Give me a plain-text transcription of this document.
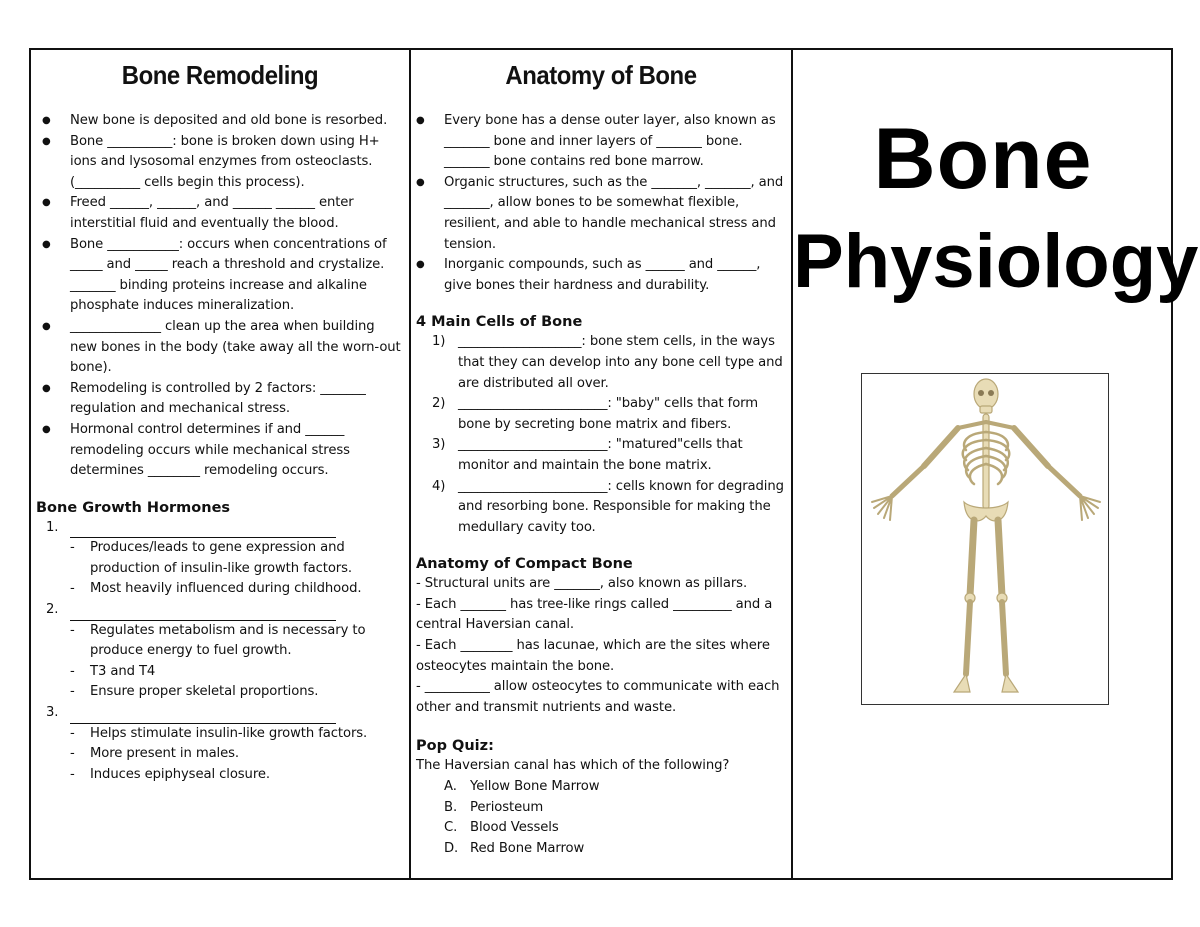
Bone Remodeling
● New bone is deposited and old bone is resorbed.
● Bone __________: bone is broken down using H+ ions and lysosomal enzymes from osteoclasts. (__________ cells begin this process).
● Freed ______, ______, and ______ ______ enter interstitial fluid and eventually the blood.
● Bone ___________: occurs when concentrations of _____ and _____ reach a threshold and crystalize. _______ binding proteins increase and alkaline phosphate induces mineralization.
● ______________ clean up the area when building new bones in the body (take away all the worn-out bone).
● Remodeling is controlled by 2 factors: _______ regulation and mechanical stress.
● Hormonal control determines if and ______ remodeling occurs while mechanical stress determines ________ remodeling occurs.
Bone Growth Hormones
1.
- Produces/leads to gene expression and production of insulin-like growth factors.
- Most heavily influenced during childhood.
2.
- Regulates metabolism and is necessary to produce energy to fuel growth.
- T3 and T4
- Ensure proper skeletal proportions.
3.
- Helps stimulate insulin-like growth factors.
- More present in males.
- Induces epiphyseal closure.
Anatomy of Bone
● Every bone has a dense outer layer, also known as _______ bone and inner layers of _______ bone. _______ bone contains red bone marrow.
● Organic structures, such as the _______, _______, and _______, allow bones to be somewhat flexible, resilient, and able to handle mechanical stress and tension.
● Inorganic compounds, such as ______ and ______, give bones their hardness and durability.
4 Main Cells of Bone
1) ___________________: bone stem cells, in the ways that they can develop into any bone cell type and are distributed all over.
2) _______________________: "baby" cells that form bone by secreting bone matrix and fibers.
3) _______________________: "matured"cells that monitor and maintain the bone matrix.
4) _______________________: cells known for degrading and resorbing bone. Responsible for making the medullary cavity too.
Anatomy of Compact Bone
- Structural units are _______, also known as pillars.
- Each _______ has tree-like rings called _________ and a central Haversian canal.
- Each ________ has lacunae, which are the sites where osteocytes maintain the bone.
- __________ allow osteocytes to communicate with each other and transmit nutrients and waste.
Pop Quiz:
The Haversian canal has which of the following?
A. Yellow Bone Marrow
B. Periosteum
C. Blood Vessels
D. Red Bone Marrow
Bone
Physiology
